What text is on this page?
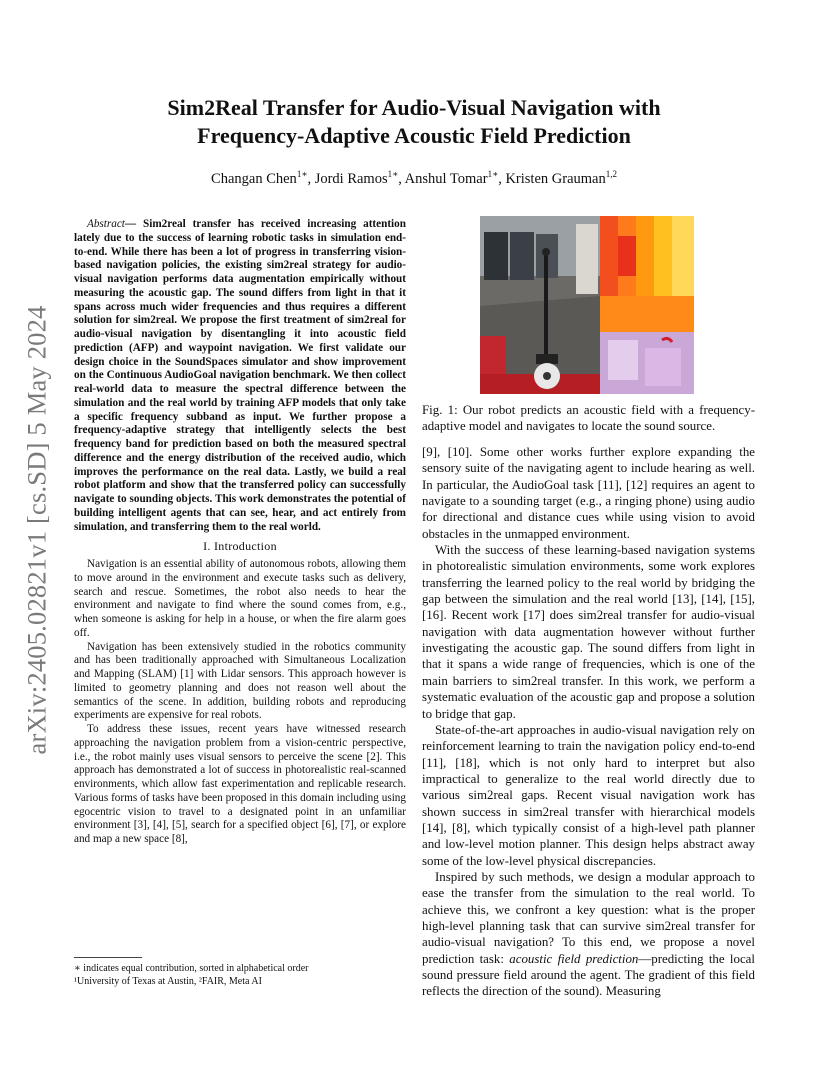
arXiv:2405.02821v1 [cs.SD] 5 May 2024
Sim2Real Transfer for Audio-Visual Navigation with
Frequency-Adaptive Acoustic Field Prediction
Changan Chen$^{1∗}$, Jordi Ramos$^{1∗}$, Anshul Tomar$^{1∗}$, Kristen Grauman$^{1,2}$

Abstract— Sim2real transfer has received increasing attention lately due to the success of learning robotic tasks in simulation end-to-end. While there has been a lot of progress in transferring vision-based navigation policies, the existing sim2real strategy for audio-visual navigation performs data augmentation empirically without measuring the acoustic gap. The sound differs from light in that it spans across much wider frequencies and thus requires a different solution for sim2real. We propose the first treatment of sim2real for audio-visual navigation by disentangling it into acoustic field prediction (AFP) and waypoint navigation. We first validate our design choice in the SoundSpaces simulator and show improvement on the Continuous AudioGoal navigation benchmark. We then collect real-world data to measure the spectral difference between the simulation and the real world by training AFP models that only take a specific frequency subband as input. We further propose a frequency-adaptive strategy that intelligently selects the best frequency band for prediction based on both the measured spectral difference and the energy distribution of the received audio, which improves the performance on the real data. Lastly, we build a real robot platform and show that the transferred policy can successfully navigate to sounding objects. This work demonstrates the potential of building intelligent agents that can see, hear, and act entirely from simulation, and transferring them to the real world.

I. Introduction

Navigation is an essential ability of autonomous robots, allowing them to move around in the environment and execute tasks such as delivery, search and rescue. Sometimes, the robot also needs to hear the environment and navigate to find where the sound comes from, e.g., when someone is asking for help in a house, or when the fire alarm goes off.

Navigation has been extensively studied in the robotics community and has been traditionally approached with Simultaneous Localization and Mapping (SLAM) [1] with Lidar sensors. This approach however is limited to geometry planning and does not reason well about the semantics of the scene. In addition, building robots and reproducing experiments are expensive for real robots.

To address these issues, recent years have witnessed research approaching the navigation problem from a vision-centric perspective, i.e., the robot mainly uses visual sensors to perceive the scene [2]. This approach has demonstrated a lot of success in photorealistic real-scanned environments, which allow fast experimentation and replicable research. Various forms of tasks have been proposed in this domain including using egocentric vision to travel to a designated point in an unfamiliar environment [3], [4], [5], search for a specified object [6], [7], or explore and map a new space [8],

∗ indicates equal contribution, sorted in alphabetical order
¹University of Texas at Austin, ²FAIR, Meta AI
Fig. 1: Our robot predicts an acoustic field with a frequency-adaptive model and navigates to locate the sound source.

[9], [10]. Some other works further explore expanding the sensory suite of the navigating agent to include hearing as well. In particular, the AudioGoal task [11], [12] requires an agent to navigate to a sounding target (e.g., a ringing phone) using audio for directional and distance cues while using vision to avoid obstacles in the unmapped environment.

With the success of these learning-based navigation systems in photorealistic simulation environments, some work explores transferring the learned policy to the real world by bridging the gap between the simulation and the real world [13], [14], [15], [16]. Recent work [17] does sim2real transfer for audio-visual navigation with data augmentation however without further investigating the acoustic gap. The sound differs from light in that it spans a wide range of frequencies, which is one of the main barriers to sim2real transfer. In this work, we perform a systematic evaluation of the acoustic gap and propose a solution to bridge that gap.

State-of-the-art approaches in audio-visual navigation rely on reinforcement learning to train the navigation policy end-to-end [11], [18], which is not only hard to interpret but also impractical to generalize to the real world directly due to various sim2real gaps. Recent visual navigation work has shown success in sim2real transfer with hierarchical models [14], [8], which typically consist of a high-level path planner and low-level motion planner. This design helps abstract away some of the low-level physical discrepancies.

Inspired by such methods, we design a modular approach to ease the transfer from the simulation to the real world. To achieve this, we confront a key question: what is the proper high-level planning task that can survive sim2real transfer for audio-visual navigation? To this end, we propose a novel prediction task: acoustic field prediction—predicting the local sound pressure field around the agent. The gradient of this field reflects the direction of the sound). Measuring
